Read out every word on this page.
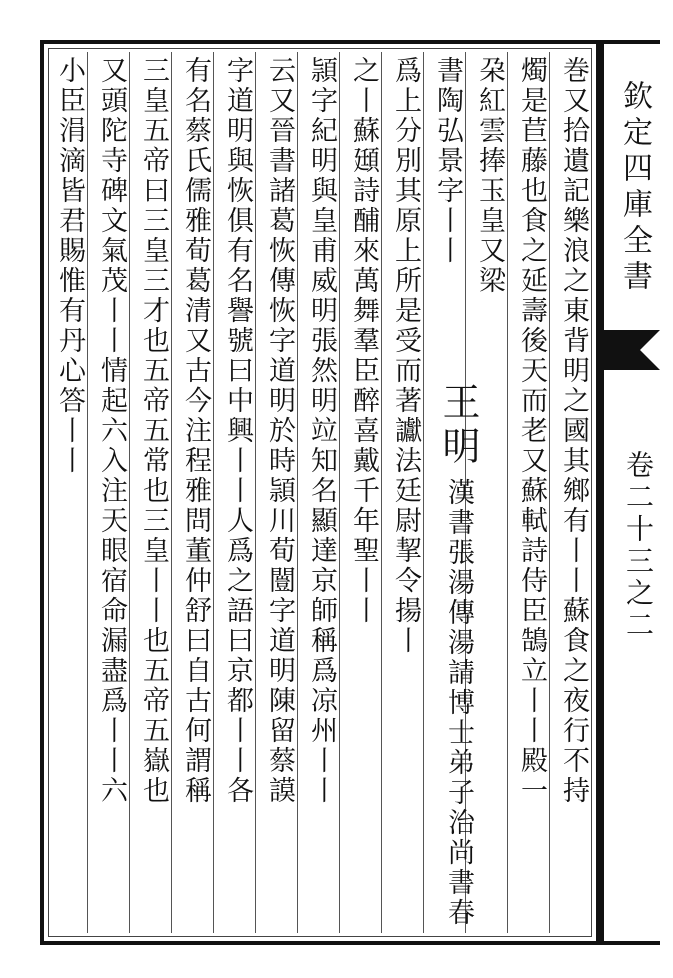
巻又拾遺記樂浪之東背明之國其鄉有丨丨蘇食之夜行不持
燭是苣藤也食之延壽後天而老又蘇軾詩侍臣鵠立丨丨殿一
朶紅雲捧玉皇又梁
書陶弘景字丨丨
王明漢書張湯傳湯請博士弟子治尚書春
爲上分別其原上所是受而著讞法廷尉挈令揚丨
之丨蘇頲詩酺來萬舞羣臣醉喜戴千年聖丨丨
頴字紀明與皇甫威明張然明竝知名顯達京師稱爲凉州丨丨
云又晉書諸葛恢傳恢字道明於時頴川荀闓字道明陳留蔡謨
字道明與恢俱有名譽號曰中興丨丨人爲之語曰京都丨丨各
有名蔡氏儒雅荀葛清又古今注程雅問董仲舒曰自古何謂稱
三皇五帝曰三皇三才也五帝五常也三皇丨丨也五帝五嶽也
又頭陀寺碑文氣茂丨丨情起六入注天眼宿命漏盡爲丨丨六
小臣涓滴皆君賜惟有丹心答丨丨	欽定四庫全書
卷二十三之二
